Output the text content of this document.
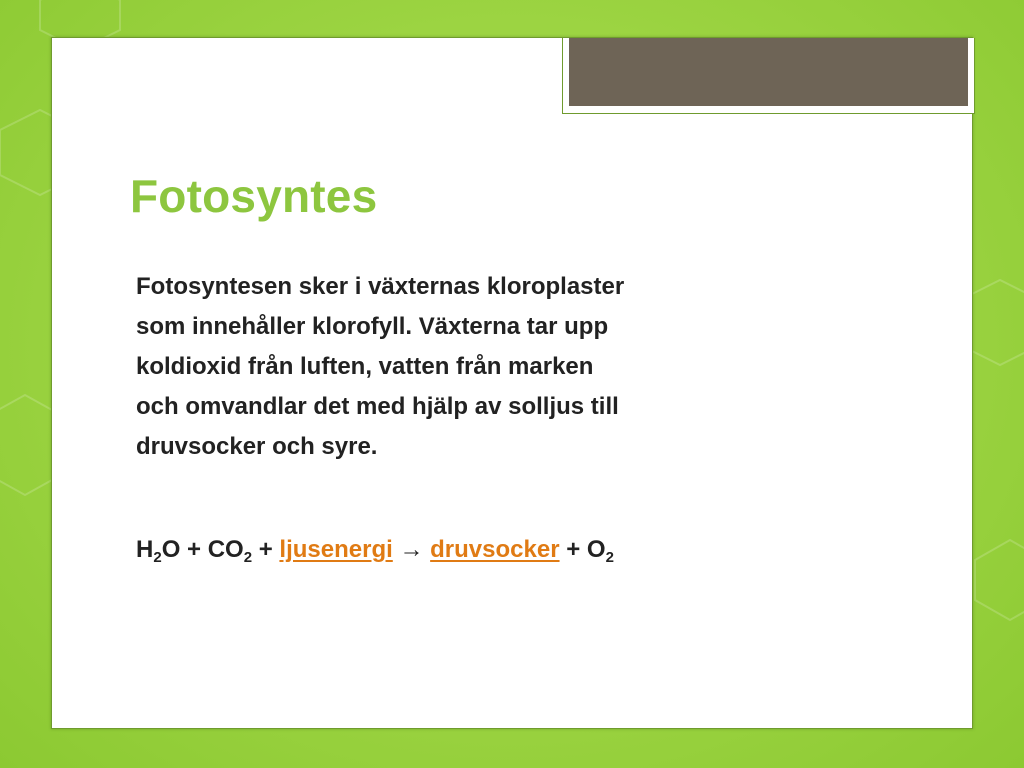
Fotosyntes
Fotosyntesen sker i växternas kloroplaster
som innehåller klorofyll. Växterna tar upp
koldioxid från luften, vatten från marken
och omvandlar det med hjälp av solljus till
druvsocker och syre.
$H_2O + CO_2$ + ljusenergi → druvsocker + $O_2$
